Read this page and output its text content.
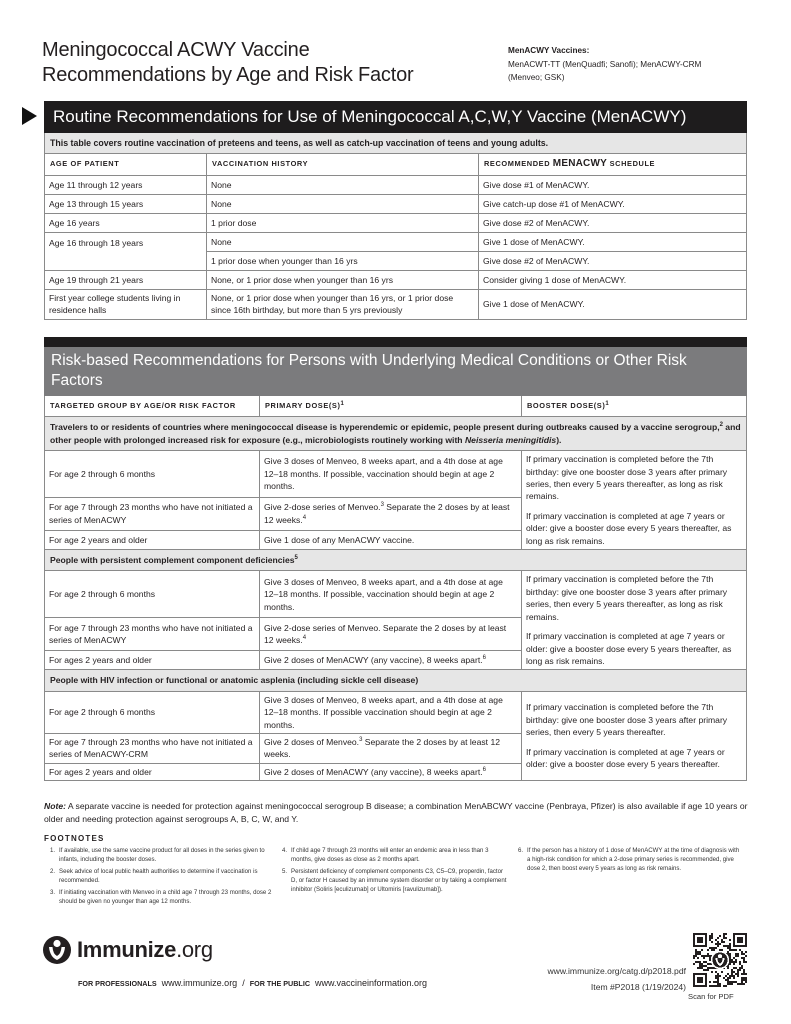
Meningococcal ACWY Vaccine
Recommendations by Age and Risk Factor
MenACWY Vaccines:
MenACWT-TT (MenQuadfi; Sanofi); MenACWY-CRM
(Menveo; GSK)
Routine Recommendations for Use of Meningococcal A,C,W,Y Vaccine (MenACWY)		
This table covers routine vaccination of preteens and teens, as well as catch-up vaccination of teens and young adults.		
AGE OF PATIENT	VACCINATION HISTORY	RECOMMENDED MENACWY SCHEDULE
Age 11 through 12 years	None	Give dose #1 of MenACWY.
Age 13 through 15 years	None	Give catch-up dose #1 of MenACWY.
Age 16 years	1 prior dose	Give dose #2 of MenACWY.
Age 16 through 18 years	None	Give 1 dose of MenACWY.
	1 prior dose when younger than 16 yrs	Give dose #2 of MenACWY.
Age 19 through 21 years	None, or 1 prior dose when younger than 16 yrs	Consider giving 1 dose of MenACWY.
First year college students living in residence halls	None, or 1 prior dose when younger than 16 yrs, or 1 prior dose since 16th birthday, but more than 5 yrs previously	Give 1 dose of MenACWY.

Risk-based Recommendations for Persons with Underlying Medical Conditions or Other Risk Factors		
TARGETED GROUP BY AGE/OR RISK FACTOR	PRIMARY $DOSE(S)^1$	BOOSTER $DOSE(S)^1$
Travelers to or residents of countries where meningococcal disease is hyperendemic or epidemic, people present during outbreaks caused by a vaccine serogroup,$^2$ and other people with prolonged increased risk for exposure (e.g., microbiologists routinely working with Neisseria meningitidis).		
For age 2 through 6 months	Give 3 doses of Menveo, 8 weeks apart, and a 4th dose at age 12–18 months. If possible, vaccination should begin at age 2 months.	If primary vaccination is completed before the 7th birthday: give one booster dose 3 years after primary series, then every 5 years thereafter, as long as risk remains.

If primary vaccination is completed at age 7 years or older: give a booster dose every 5 years thereafter, as long as risk remains.

For age 7 through 23 months who have not initiated a series of MenACWY	Give 2-dose series of Menveo.$^3$ Separate the 2 doses by at least 12 weeks.$^4$
For age 2 years and older	Give 1 dose of any MenACWY vaccine.	
People with persistent complement component deficiencies$^5$
For age 2 through 6 months	Give 3 doses of Menveo, 8 weeks apart, and a 4th dose at age 12–18 months. If possible, vaccination should begin at age 2 months.	If primary vaccination is completed before the 7th birthday: give one booster dose 3 years after primary series, then every 5 years thereafter, as long as risk remains.

If primary vaccination is completed at age 7 years or older: give a booster dose every 5 years thereafter, as long as risk remains.

For age 7 through 23 months who have not initiated a series of MenACWY	Give 2-dose series of Menveo. Separate the 2 doses by at least 12 weeks.$^4$
For ages 2 years and older	Give 2 doses of MenACWY (any vaccine), 8 weeks apart.$^6$
People with HIV infection or functional or anatomic asplenia (including sickle cell disease)		
For age 2 through 6 months	Give 3 doses of Menveo, 8 weeks apart, and a 4th dose at age 12–18 months. If possible vaccination should begin at age 2 months.	If primary vaccination is completed before the 7th birthday: give one booster dose 3 years after primary series, then every 5 years thereafter.

If primary vaccination is completed at age 7 years or older: give a booster dose every 5 years thereafter.

For age 7 through 23 months who have not initiated a series of MenACWY-CRM	Give 2 doses of Menveo.$^3$ Separate the 2 doses by at least 12 weeks.	
For ages 2 years and older	Give 2 doses of MenACWY (any vaccine), 8 weeks apart.$^6$
Note: A separate vaccine is needed for protection against meningococcal serogroup B disease; a combination MenABCWY vaccine (Penbraya, Pfizer) is also available if age 10 years or older and needing protection against serogroups A, B, C, W, and Y.
FOOTNOTES
1. If available, use the same vaccine product for all doses in the series given to infants, including the booster doses.
2. Seek advice of local public health authorities to determine if vaccination is recommended.
3. If initiating vaccination with Menveo in a child age 7 through 23 months, dose 2 should be given no younger than age 12 months.
4. If child age 7 through 23 months will enter an endemic area in less than 3 months, give doses as close as 2 months apart.
5. Persistent deficiency of complement components C3, C5–C9, properdin, factor D, or factor H caused by an immune system disorder or by taking a complement inhibitor (Soliris [eculizumab] or Ultomiris [ravulizumab]).
6. If the person has a history of 1 dose of MenACWY at the time of diagnosis with a high-risk condition for which a 2-dose primary series is recommended, give dose 2, then boost every 5 years as long as risk remains.
Immunize.org
FOR PROFESSIONALS www.immunize.org / FOR THE PUBLIC www.vaccineinformation.org
www.immunize.org/catg.d/p2018.pdf
Item #P2018 (1/19/2024)
Scan for PDF
